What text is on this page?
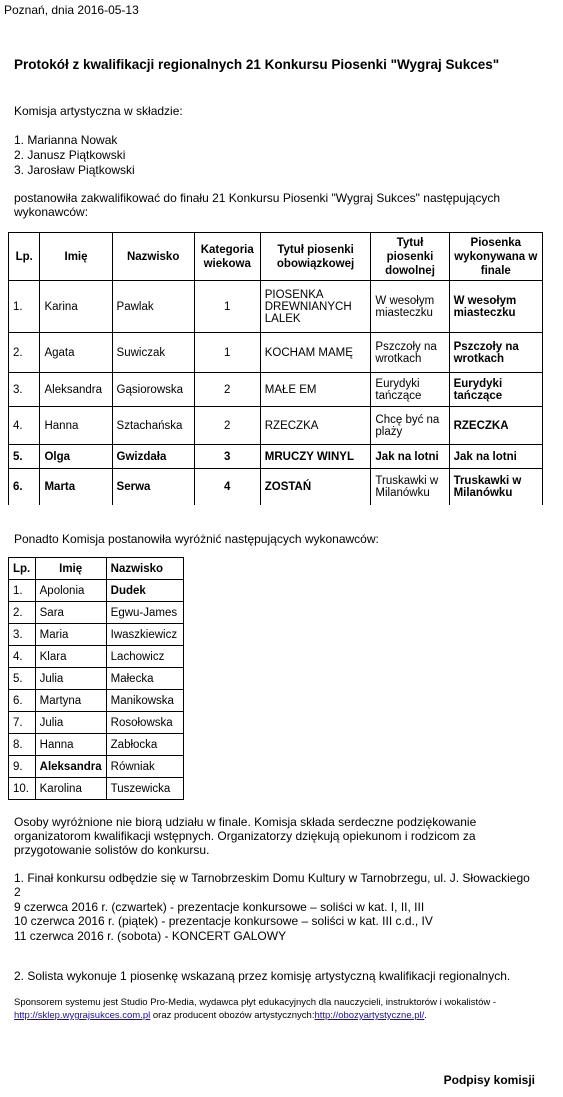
Poznań, dnia 2016-05-13
Protokół z kwalifikacji regionalnych 21 Konkursu Piosenki "Wygraj Sukces"
Komisja artystyczna w składzie:
1. Marianna Nowak
2. Janusz Piątkowski
3. Jarosław Piątkowski
postanowiła zakwalifikować do finału 21 Konkursu Piosenki "Wygraj Sukces" następujących wykonawców:
Lp.	Imię	Nazwisko	Kategoria wiekowa	Tytuł piosenki obowiązkowej	Tytuł piosenki dowolnej	Piosenka wykonywana w finale
1.	Karina	Pawlak	1	PIOSENKA DREWNIANYCH LALEK	W wesołym miasteczku	W wesołym miasteczku
2.	Agata	Suwiczak	1	KOCHAM MAMĘ	Pszczoły na wrotkach	Pszczoły na wrotkach
3.	Aleksandra	Gąsiorowska	2	MAŁE EM	Eurydyki tańczące	Eurydyki tańczące
4.	Hanna	Sztachańska	2	RZECZKA	Chcę być na plaży	RZECZKA
5.	Olga	Gwizdała	3	MRUCZY WINYL	Jak na lotni	Jak na lotni
6.	Marta	Serwa	4	ZOSTAŃ	Truskawki w Milanówku	Truskawki w Milanówku
Ponadto Komisja postanowiła wyróżnić następujących wykonawców:
Lp.	Imię	Nazwisko
1.	Apolonia	Dudek
2.	Sara	Egwu-James
3.	Maria	Iwaszkiewicz
4.	Klara	Lachowicz
5.	Julia	Małecka
6.	Martyna	Manikowska
7.	Julia	Rosołowska
8.	Hanna	Zabłocka
9.	Aleksandra	Równiak
10.	Karolina	Tuszewicka
Osoby wyróżnione nie biorą udziału w finale. Komisja składa serdeczne podziękowanie organizatorom kwalifikacji wstępnych. Organizatorzy dziękują opiekunom i rodzicom za przygotowanie solistów do konkursu.
1. Finał konkursu odbędzie się w Tarnobrzeskim Domu Kultury w Tarnobrzegu, ul. J. Słowackiego 2
9 czerwca 2016 r. (czwartek) - prezentacje konkursowe – soliści w kat. I, II, III
10 czerwca 2016 r. (piątek) - prezentacje konkursowe – soliści w kat. III c.d., IV
11 czerwca 2016 r. (sobota) - KONCERT GALOWY
2. Solista wykonuje 1 piosenkę wskazaną przez komisję artystyczną kwalifikacji regionalnych.
Sponsorem systemu jest Studio Pro-Media, wydawca płyt edukacyjnych dla nauczycieli, instruktorów i wokalistów -
http://sklep.wygrajsukces.com.pl oraz producent obozów artystycznych:http://obozyartystyczne.pl/.
Podpisy komisji
